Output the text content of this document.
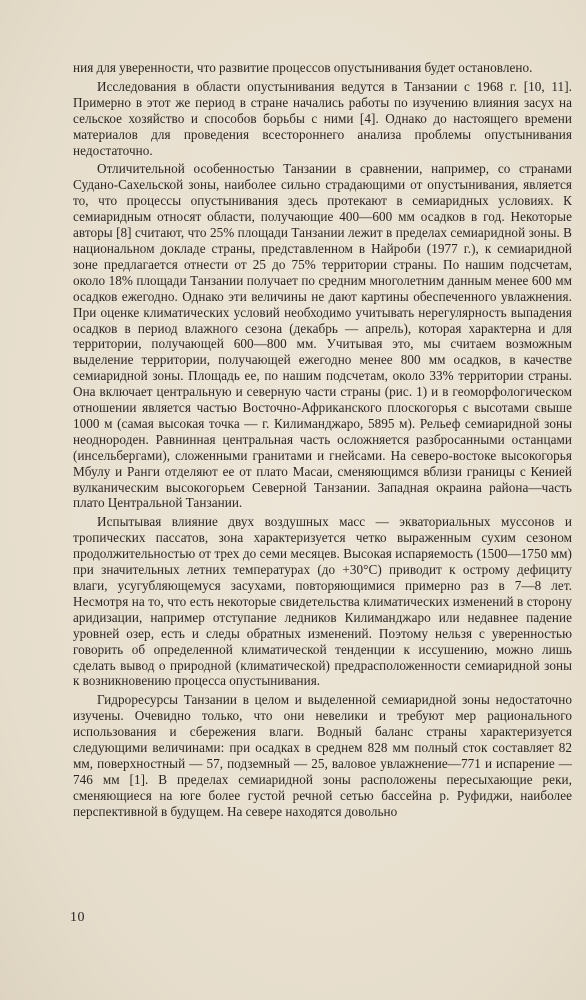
ния для уверенности, что развитие процессов опустынивания будет остановлено.

Исследования в области опустынивания ведутся в Танзании с 1968 г. [10, 11]. Примерно в этот же период в стране начались работы по изучению влияния засух на сельское хозяйство и способов борьбы с ними [4]. Однако до настоящего времени материалов для проведения всестороннего анализа проблемы опустынивания недостаточно.

Отличительной особенностью Танзании в сравнении, например, со странами Судано-Сахельской зоны, наиболее сильно страдающими от опустынивания, является то, что процессы опустынивания здесь протекают в семиаридных условиях. К семиаридным относят области, получающие 400—600 мм осадков в год. Некоторые авторы [8] считают, что 25% площади Танзании лежит в пределах семиаридной зоны. В национальном докладе страны, представленном в Найроби (1977 г.), к семиаридной зоне предлагается отнести от 25 до 75% территории страны. По нашим подсчетам, около 18% площади Танзании получает по средним многолетним данным менее 600 мм осадков ежегодно. Однако эти величины не дают картины обеспеченного увлажнения. При оценке климатических условий необходимо учитывать нерегулярность выпадения осадков в период влажного сезона (декабрь — апрель), которая характерна и для территории, получающей 600—800 мм. Учитывая это, мы считаем возможным выделение территории, получающей ежегодно менее 800 мм осадков, в качестве семиаридной зоны. Площадь ее, по нашим подсчетам, около 33% территории страны. Она включает центральную и северную части страны (рис. 1) и в геоморфологическом отношении является частью Восточно-Африканского плоскогорья с высотами свыше 1000 м (самая высокая точка — г. Килиманджаро, 5895 м). Рельеф семиаридной зоны неоднороден. Равнинная центральная часть осложняется разбросанными останцами (инсельбергами), сложенными гранитами и гнейсами. На северо-востоке высокогорья Мбулу и Ранги отделяют ее от плато Масаи, сменяющимся вблизи границы с Кенией вулканическим высокогорьем Северной Танзании. Западная окраина района—часть плато Центральной Танзании.

Испытывая влияние двух воздушных масс — экваториальных муссонов и тропических пассатов, зона характеризуется четко выраженным сухим сезоном продолжительностью от трех до семи месяцев. Высокая испаряемость (1500—1750 мм) при значительных летних температурах (до +30°С) приводит к острому дефициту влаги, усугубляющемуся засухами, повторяющимися примерно раз в 7—8 лет. Несмотря на то, что есть некоторые свидетельства климатических изменений в сторону аридизации, например отступание ледников Килиманджаро или недавнее падение уровней озер, есть и следы обратных изменений. Поэтому нельзя с уверенностью говорить об определенной климатической тенденции к иссушению, можно лишь сделать вывод о природной (климатической) предрасположенности семиаридной зоны к возникновению процесса опустынивания.

Гидроресурсы Танзании в целом и выделенной семиаридной зоны недостаточно изучены. Очевидно только, что они невелики и требуют мер рационального использования и сбережения влаги. Водный баланс страны характеризуется следующими величинами: при осадках в среднем 828 мм полный сток составляет 82 мм, поверхностный — 57, подземный — 25, валовое увлажнение—771 и испарение — 746 мм [1]. В пределах семиаридной зоны расположены пересыхающие реки, сменяющиеся на юге более густой речной сетью бассейна р. Руфиджи, наиболее перспективной в будущем. На севере находятся довольно

10
